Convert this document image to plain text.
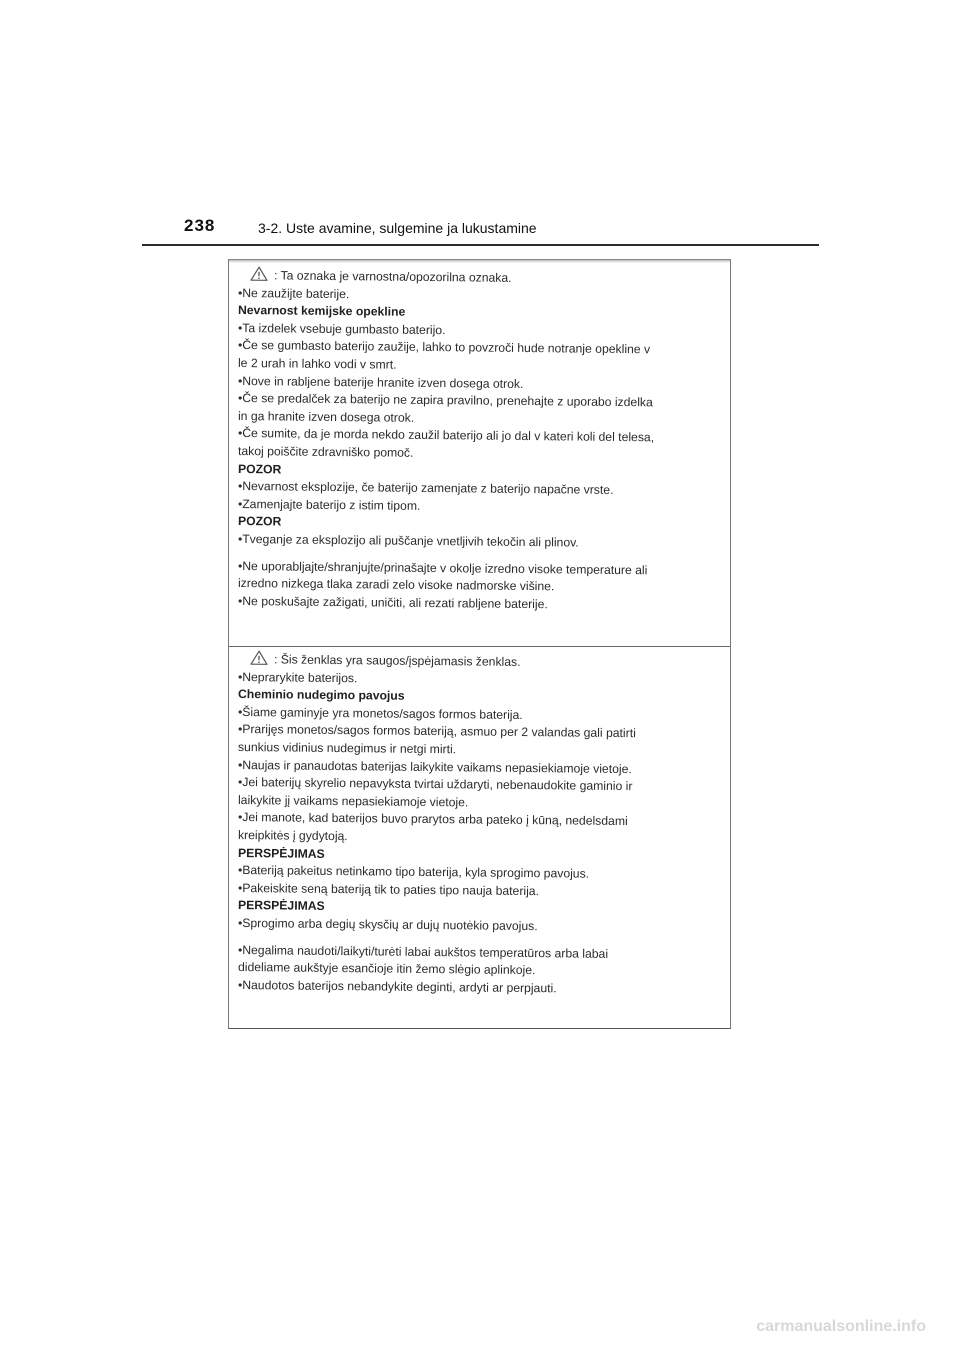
238	3-2. Uste avamine, sulgemine ja lukustamine
: Ta oznaka je varnostna/opozorilna oznaka.
•Ne zaužijte baterije.
Nevarnost kemijske opekline
•Ta izdelek vsebuje gumbasto baterijo.
•Če se gumbasto baterijo zaužije, lahko to povzroči hude notranje opekline v
le 2 urah in lahko vodi v smrt.
•Nove in rabljene baterije hranite izven dosega otrok.
•Če se predalček za baterijo ne zapira pravilno, prenehajte z uporabo izdelka
in ga hranite izven dosega otrok.
•Če sumite, da je morda nekdo zaužil baterijo ali jo dal v kateri koli del telesa,
takoj poiščite zdravniško pomoč.
POZOR
•Nevarnost eksplozije, če baterijo zamenjate z baterijo napačne vrste.
•Zamenjajte baterijo z istim tipom.
POZOR
•Tveganje za eksplozijo ali puščanje vnetljivih tekočin ali plinov.
•Ne uporabljajte/shranjujte/prinašajte v okolje izredno visoke temperature ali
izredno nizkega tlaka zaradi zelo visoke nadmorske višine.
•Ne poskušajte zažigati, uničiti, ali rezati rabljene baterije.
: Šis ženklas yra saugos/įspėjamasis ženklas.
•Neprarykite baterijos.
Cheminio nudegimo pavojus
•Šiame gaminyje yra monetos/sagos formos baterija.
•Prarijęs monetos/sagos formos bateriją, asmuo per 2 valandas gali patirti
sunkius vidinius nudegimus ir netgi mirti.
•Naujas ir panaudotas baterijas laikykite vaikams nepasiekiamoje vietoje.
•Jei baterijų skyrelio nepavyksta tvirtai uždaryti, nebenaudokite gaminio ir
laikykite jį vaikams nepasiekiamoje vietoje.
•Jei manote, kad baterijos buvo prarytos arba pateko į kūną, nedelsdami
kreipkitės į gydytoją.
PERSPĖJIMAS
•Bateriją pakeitus netinkamo tipo baterija, kyla sprogimo pavojus.
•Pakeiskite seną bateriją tik to paties tipo nauja baterija.
PERSPĖJIMAS
•Sprogimo arba degių skysčių ar dujų nuotėkio pavojus.
•Negalima naudoti/laikyti/turėti labai aukštos temperatūros arba labai
dideliame aukštyje esančioje itin žemo slėgio aplinkoje.
•Naudotos baterijos nebandykite deginti, ardyti ar perpjauti.
carmanualsonline.info
